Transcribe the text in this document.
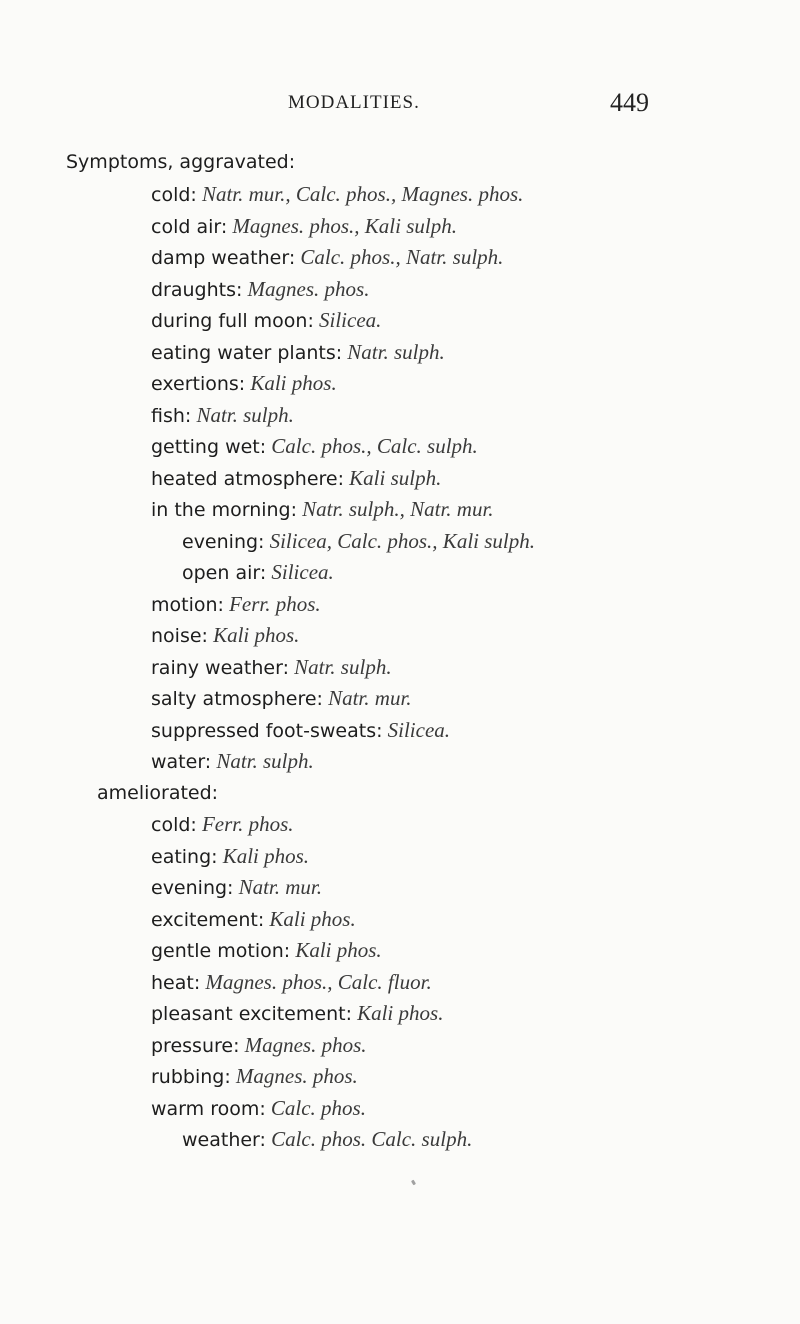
MODALITIES.	449
Symptoms, aggravated:
cold: Natr. mur., Calc. phos., Magnes. phos.
cold air: Magnes. phos., Kali sulph.
damp weather: Calc. phos., Natr. sulph.
draughts: Magnes. phos.
during full moon: Silicea.
eating water plants: Natr. sulph.
exertions: Kali phos.
fish: Natr. sulph.
getting wet: Calc. phos., Calc. sulph.
heated atmosphere: Kali sulph.
in the morning: Natr. sulph., Natr. mur.
evening: Silicea, Calc. phos., Kali sulph.
open air: Silicea.
motion: Ferr. phos.
noise: Kali phos.
rainy weather: Natr. sulph.
salty atmosphere: Natr. mur.
suppressed foot-sweats: Silicea.
water: Natr. sulph.
ameliorated:
cold: Ferr. phos.
eating: Kali phos.
evening: Natr. mur.
excitement: Kali phos.
gentle motion: Kali phos.
heat: Magnes. phos., Calc. fluor.
pleasant excitement: Kali phos.
pressure: Magnes. phos.
rubbing: Magnes. phos.
warm room: Calc. phos.
weather: Calc. phos. Calc. sulph.
